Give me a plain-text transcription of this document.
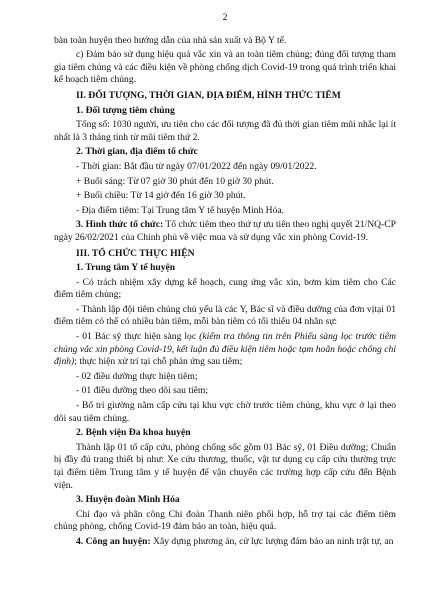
2

bàn toàn huyện theo hướng dẫn của nhà sản xuất và Bộ Y tế.

c) Đảm bảo sử dụng hiệu quả vắc xin và an toàn tiêm chủng; đúng đối tượng tham gia tiêm chủng và các điều kiện về phòng chống dịch Covid-19 trong quá trình triển khai kế hoạch tiêm chủng.

II. ĐỐI TƯỢNG, THỜI GIAN, ĐỊA ĐIỂM, HÌNH THỨC TIÊM

1. Đối tượng tiêm chủng

Tổng số: 1030 người, ưu tiên cho các đối tượng đã đủ thời gian tiêm mũi nhắc lại ít nhất là 3 tháng tính từ mũi tiêm thứ 2.

2. Thời gian, địa điểm tổ chức

- Thời gian: Bắt đầu từ ngày 07/01/2022 đến ngày 09/01/2022.

+ Buổi sáng: Từ 07 giờ 30 phút đến 10 giờ 30 phút.

+ Buổi chiều: Từ 14 giờ đến 16 giờ 30 phút.

- Địa điểm tiêm: Tại Trung tâm Y tế huyện Minh Hóa.

3. Hình thức tổ chức: Tổ chức tiêm theo thứ tự ưu tiên theo nghị quyết 21/NQ-CP ngày 26/02/2021 của Chính phủ về việc mua và sử dụng vắc xin phòng Covid-19.

III. TỔ CHỨC THỰC HIỆN

1. Trung tâm Y tế huyện

- Có trách nhiệm xây dựng kế hoạch, cung ứng vắc xin, bơm kim tiêm cho Các điểm tiêm chủng;

- Thành lập đội tiêm chủng chủ yếu là các Y, Bác sĩ và điều dưỡng của đơn vịtại 01 điểm tiêm có thể có nhiều bàn tiêm, mỗi bàn tiêm có tối thiểu 04 nhân sự:

- 01 Bác sỹ thực hiện sàng lọc (kiểm tra thông tin trên Phiếu sàng lọc trước tiêm chủng vắc xin phòng Covid-19, kết luận đủ điều kiện tiêm hoặc tạm hoãn hoặc chống chỉ định); thực hiện xử trí tại chỗ phản ứng sau tiêm;

- 02 điều dưỡng thực hiện tiêm;

- 01 điều dưỡng theo dõi sau tiêm;

- Bố trí giường nằm cấp cứu tại khu vực chờ trước tiêm chủng, khu vực ở lại theo dõi sau tiêm chủng.

2. Bệnh viện Đa khoa huyện

Thành lập 01 tổ cấp cứu, phòng chống sốc gồm 01 Bác sỹ, 01 Điều dưỡng; Chuẩn bị đầy đủ trang thiết bị như: Xe cứu thương, thuốc, vật tư dụng cụ cấp cứu thường trực tại điểm tiêm Trung tâm y tế huyện để vận chuyển các trường hợp cấp cứu đến Bệnh viện.

3. Huyện đoàn Minh Hóa

Chỉ đạo và phân công Chi đoàn Thanh niên phối hợp, hỗ trợ tại các điểm tiêm chủng phòng, chống Covid-19 đảm bảo an toàn, hiệu quả.

4. Công an huyện: Xây dựng phương án, cử lực lượng đảm bảo an ninh trật tự, an
